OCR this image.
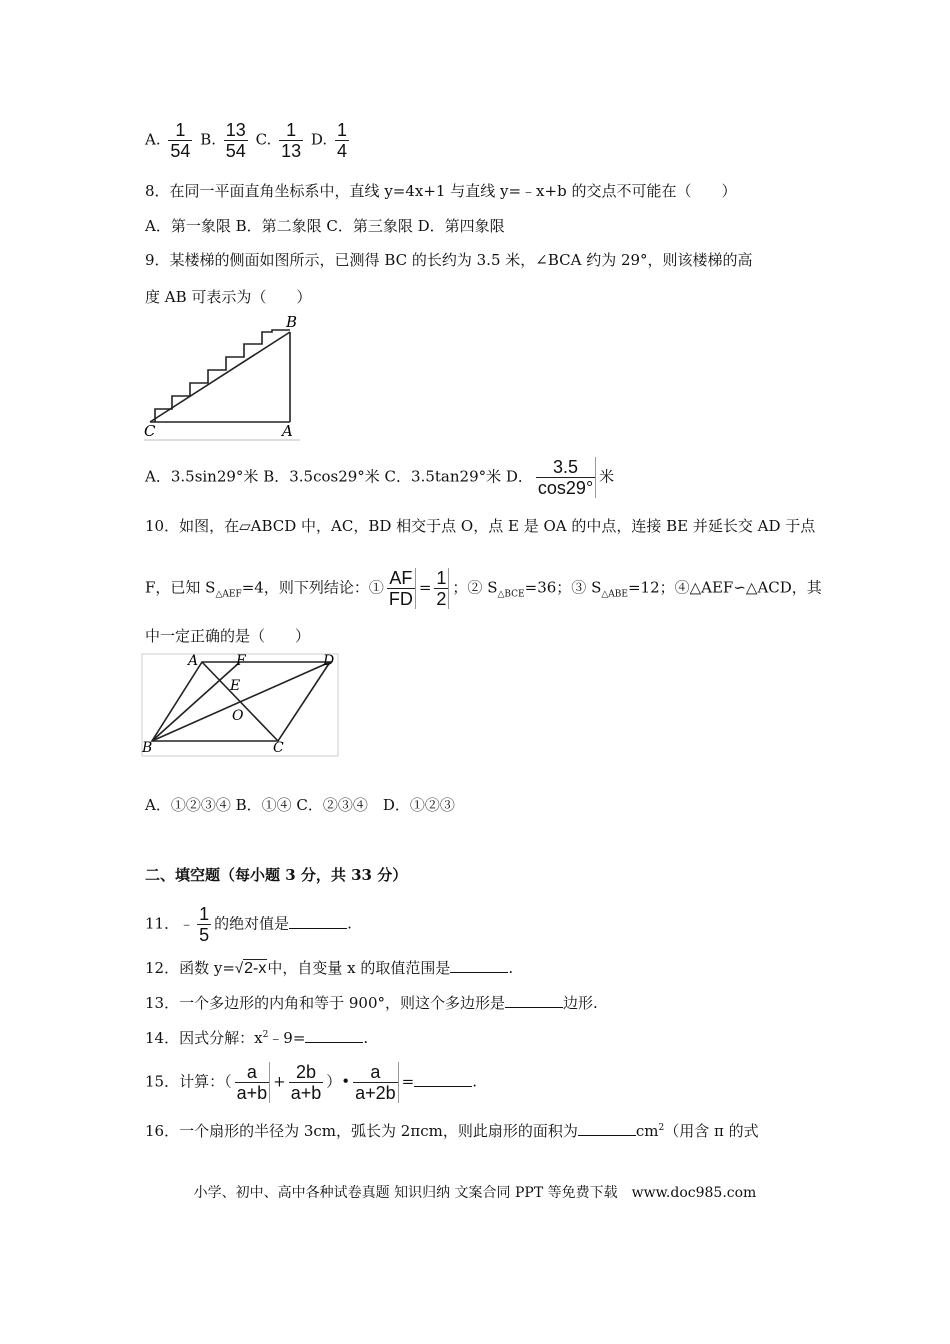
A. $\frac{1}{54} B$. $\frac{13}{54} C$. $\frac{1}{13} D$. $\frac{1}{4}$
8．在同一平面直角坐标系中，直线 y=4x+1 与直线 y=﹣x+b 的交点不可能在（　　）
A．第一象限 B．第二象限 C．第三象限 D．第四象限
9．某楼梯的侧面如图所示，已测得 BC 的长约为 3.5 米，∠BCA 约为 29°，则该楼梯的高
度 AB 可表示为（　　）
B
C	A
A．3.5sin29°米 B．3.5cos29°米 C．3.5tan29°米 D． $\frac{3.5}{\cos 29^\circ}$ 米
10．如图，在▱ABCD 中，AC，BD 相交于点 O，点 E 是 OA 的中点，连接 BE 并延长交 AD 于点
F，已知 $S_{\triangle AEF}=4$，则下列结论：① $\frac{AF}{FD} = \frac{1}{2}$ ；② $S_{\triangle BCE}=36$；③ $S_{\triangle ABE}=12$；④△AEF∽△ACD，其
中一定正确的是（　　）
A	F	D
E
O
B	C
A．①②③④ B．①④ C．②③④　D．①②③
二、填空题（每小题 3 分，共 33 分）
11．﹣ $\frac{1}{5}$ 的绝对值是	.
12．函数 y=√2-x中，自变量 x 的取值范围是	.
13．一个多边形的内角和等于 900°，则这个多边形是	边形.
14．因式分解：$x^2﹣9=$	.
15．计算：（ $\frac{a}{a+b} + \frac{2b}{a+b}$ ）• $\frac{a}{a+2b}$ =	.
16．一个扇形的半径为 3cm，弧长为 2πcm，则此扇形的面积为	$cm^2$（用含 π 的式
小学、初中、高中各种试卷真题 知识归纳 文案合同 PPT 等免费下载　www.doc985.com
